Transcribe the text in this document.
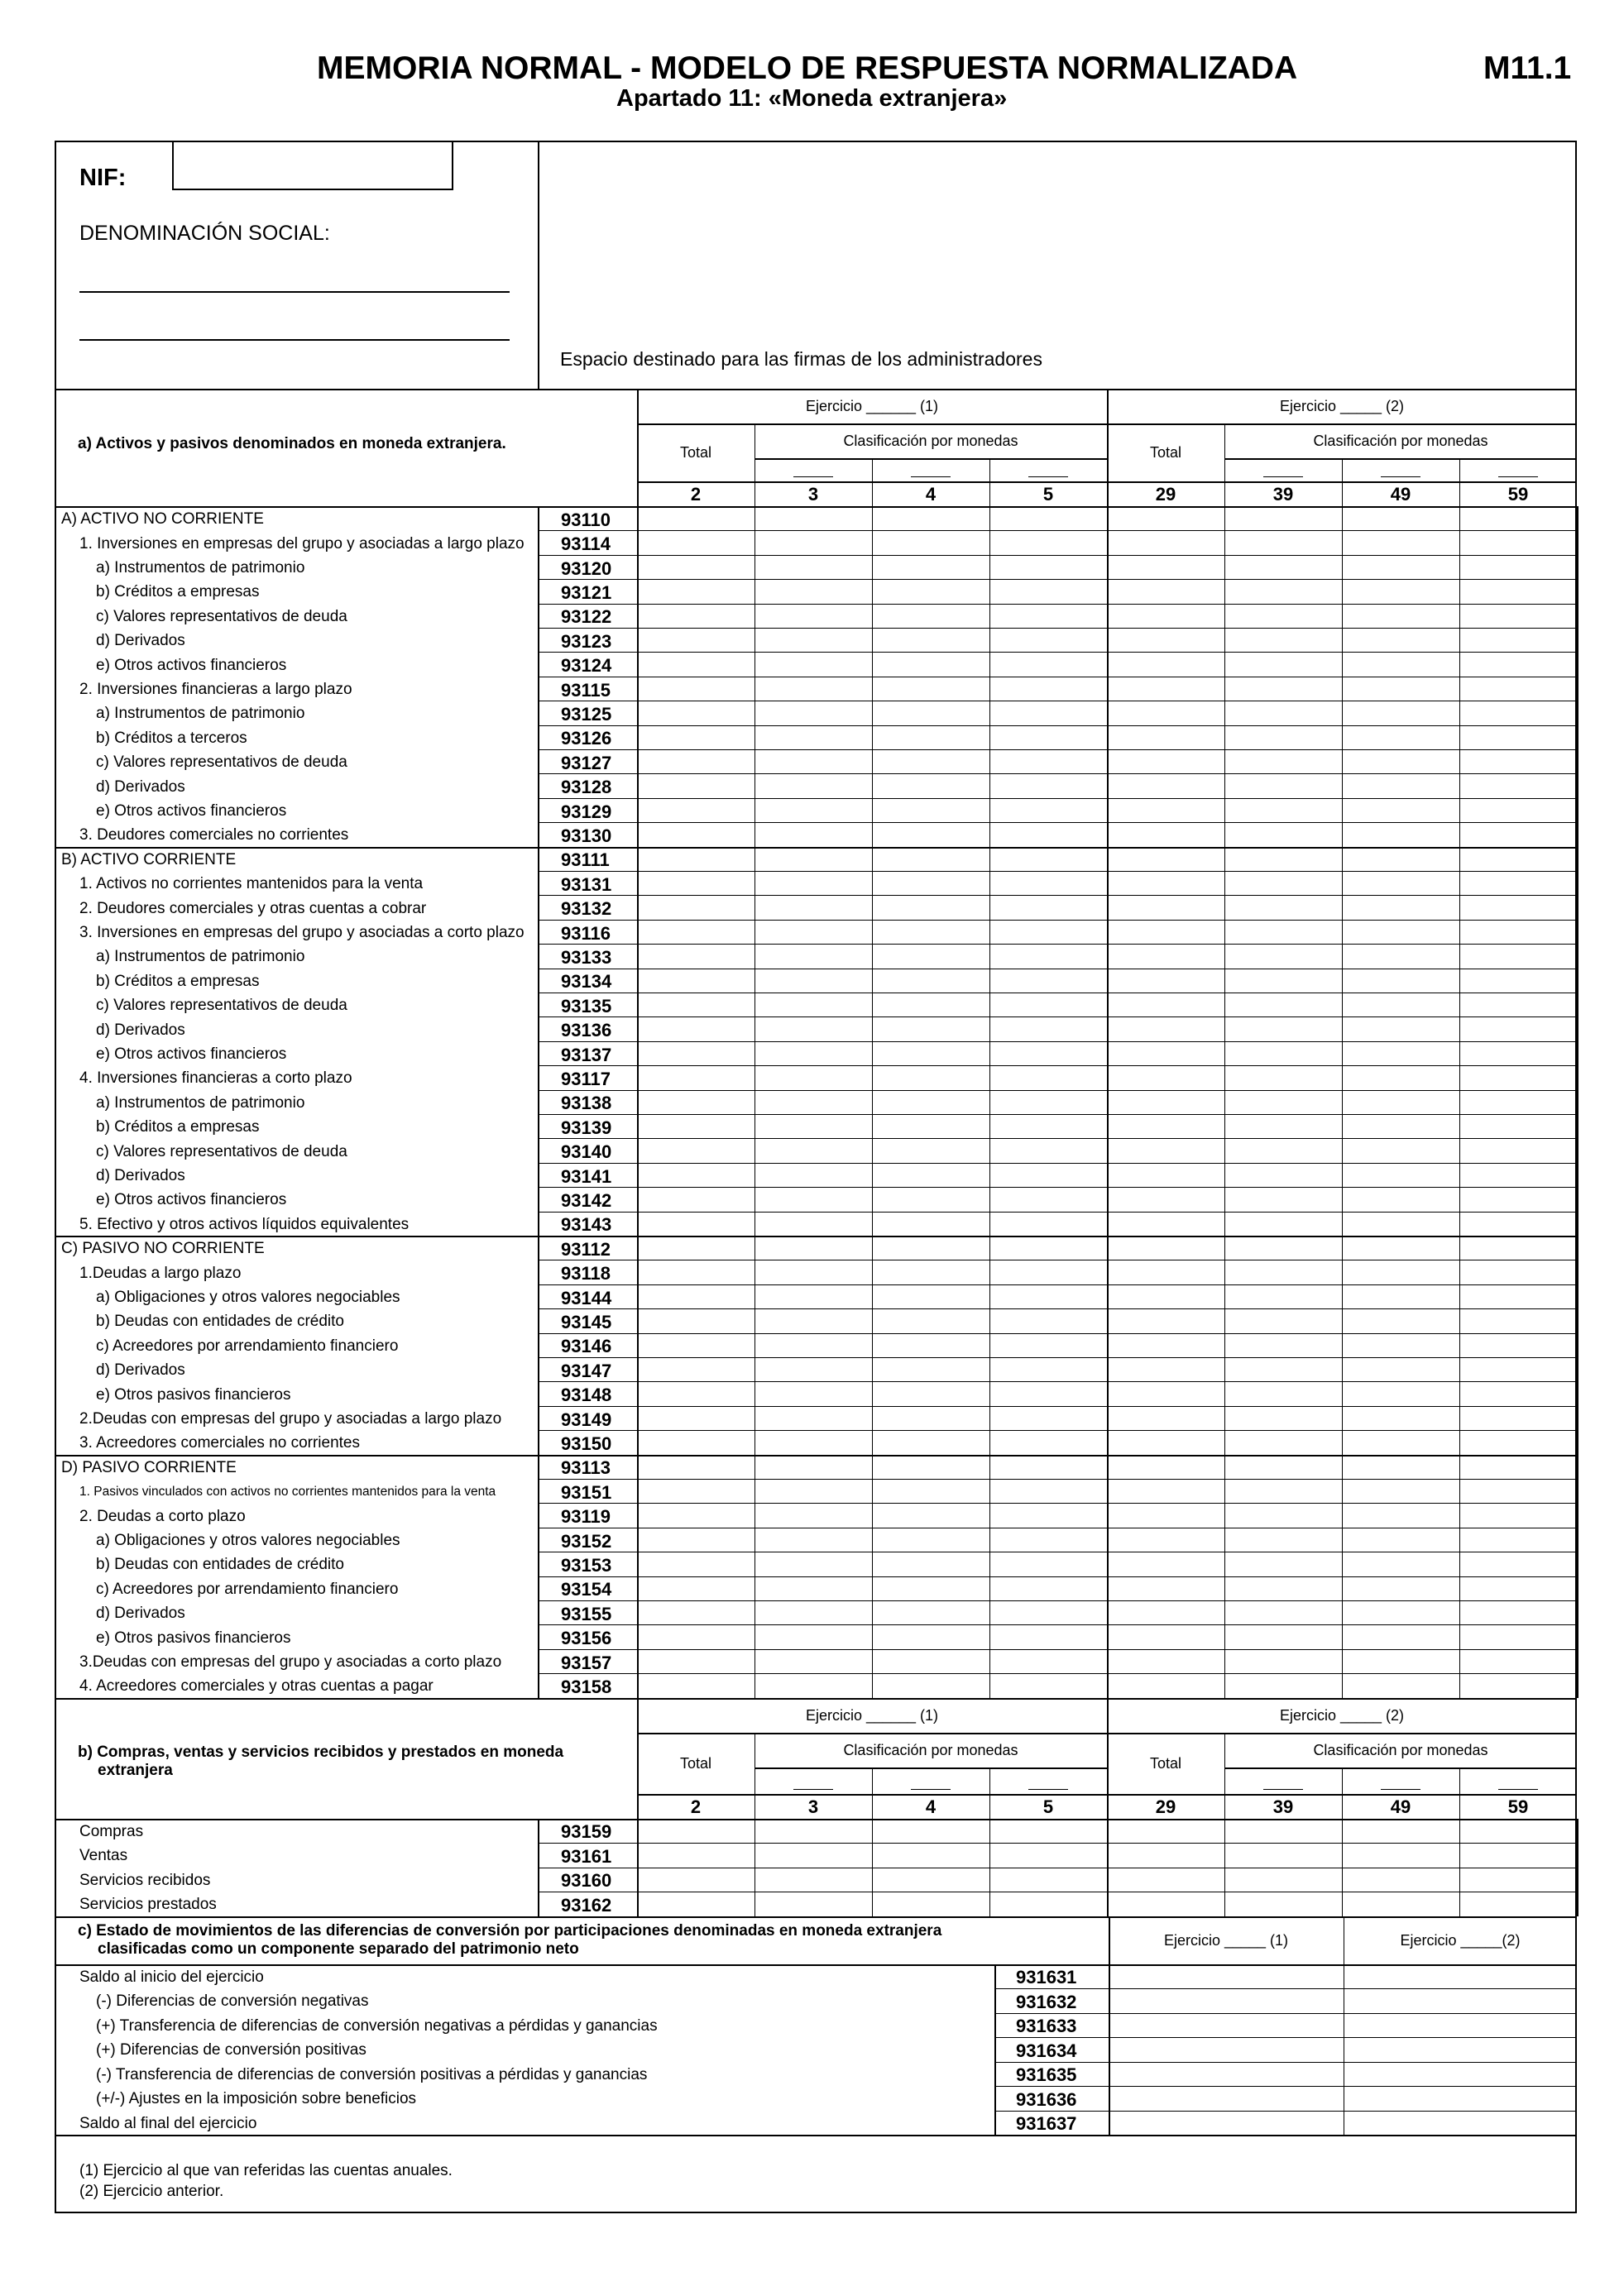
MEMORIA NORMAL - MODELO DE RESPUESTA NORMALIZADA
Apartado 11: «Moneda extranjera»
M11.1
NIF:
DENOMINACIÓN SOCIAL:
Espacio destinado para las firmas de los administradores
a) Activos y pasivos denominados en moneda extranjera.
Ejercicio ______ (1)	Ejercicio _____ (2)
Total	Total
Clasificación por monedas	Clasificación por monedas
2	3	4	5	29	39	49	59
A) ACTIVO NO CORRIENTE	93110
1. Inversiones en empresas del grupo y asociadas a largo plazo 93114
a) Instrumentos de patrimonio	93120
b) Créditos a empresas	93121
c) Valores representativos de deuda	93122
d) Derivados	93123
e) Otros activos financieros	93124
2. Inversiones financieras a largo plazo	93115
a) Instrumentos de patrimonio	93125
b) Créditos a terceros	93126
c) Valores representativos de deuda	93127
d) Derivados	93128
e) Otros activos financieros	93129
3. Deudores comerciales no corrientes	93130
B) ACTIVO CORRIENTE	93111
1. Activos no corrientes mantenidos para la venta	93131
2. Deudores comerciales y otras cuentas a cobrar	93132
3. Inversiones en empresas del grupo y asociadas a corto plazo 93116
a) Instrumentos de patrimonio	93133
b) Créditos a empresas	93134
c) Valores representativos de deuda	93135
d) Derivados	93136
e) Otros activos financieros	93137
4. Inversiones financieras a corto plazo	93117
a) Instrumentos de patrimonio	93138
b) Créditos a empresas	93139
c) Valores representativos de deuda	93140
d) Derivados	93141
e) Otros activos financieros	93142
5. Efectivo y otros activos líquidos equivalentes	93143
C) PASIVO NO CORRIENTE	93112
1.Deudas a largo plazo	93118
a) Obligaciones y otros valores negociables	93144
b) Deudas con entidades de crédito	93145
c) Acreedores por arrendamiento financiero	93146
d) Derivados	93147
e) Otros pasivos financieros	93148
2.Deudas con empresas del grupo y asociadas a largo plazo	93149
3. Acreedores comerciales no corrientes	93150
D) PASIVO CORRIENTE	93113
1. Pasivos vinculados con activos no corrientes mantenidos para la venta	93151
2. Deudas a corto plazo	93119
a) Obligaciones y otros valores negociables	93152
b) Deudas con entidades de crédito	93153
c) Acreedores por arrendamiento financiero	93154
d) Derivados	93155
e) Otros pasivos financieros	93156
3.Deudas con empresas del grupo y asociadas a corto plazo	93157
4. Acreedores comerciales y otras cuentas a pagar	93158
b) Compras, ventas y servicios recibidos y prestados en moneda
extranjera
Ejercicio ______ (1)	Ejercicio _____ (2)
Total	Total
Clasificación por monedas	Clasificación por monedas
2	3	4	5	29	39	49	59
Compras	93159
Ventas	93161
Servicios recibidos	93160
Servicios prestados	93162
c) Estado de movimientos de las diferencias de conversión por participaciones denominadas en moneda extranjera
clasificadas como un componente separado del patrimonio neto	Ejercicio _____ (1)	Ejercicio _____(2)
Saldo al inicio del ejercicio	931631
(-) Diferencias de conversión negativas	931632
(+) Transferencia de diferencias de conversión negativas a pérdidas y ganancias	931633
(+) Diferencias de conversión positivas	931634
(-) Transferencia de diferencias de conversión positivas a pérdidas y ganancias	931635
(+/-) Ajustes en la imposición sobre beneficios	931636
Saldo al final del ejercicio	931637
(1) Ejercicio al que van referidas las cuentas anuales.
(2) Ejercicio anterior.
